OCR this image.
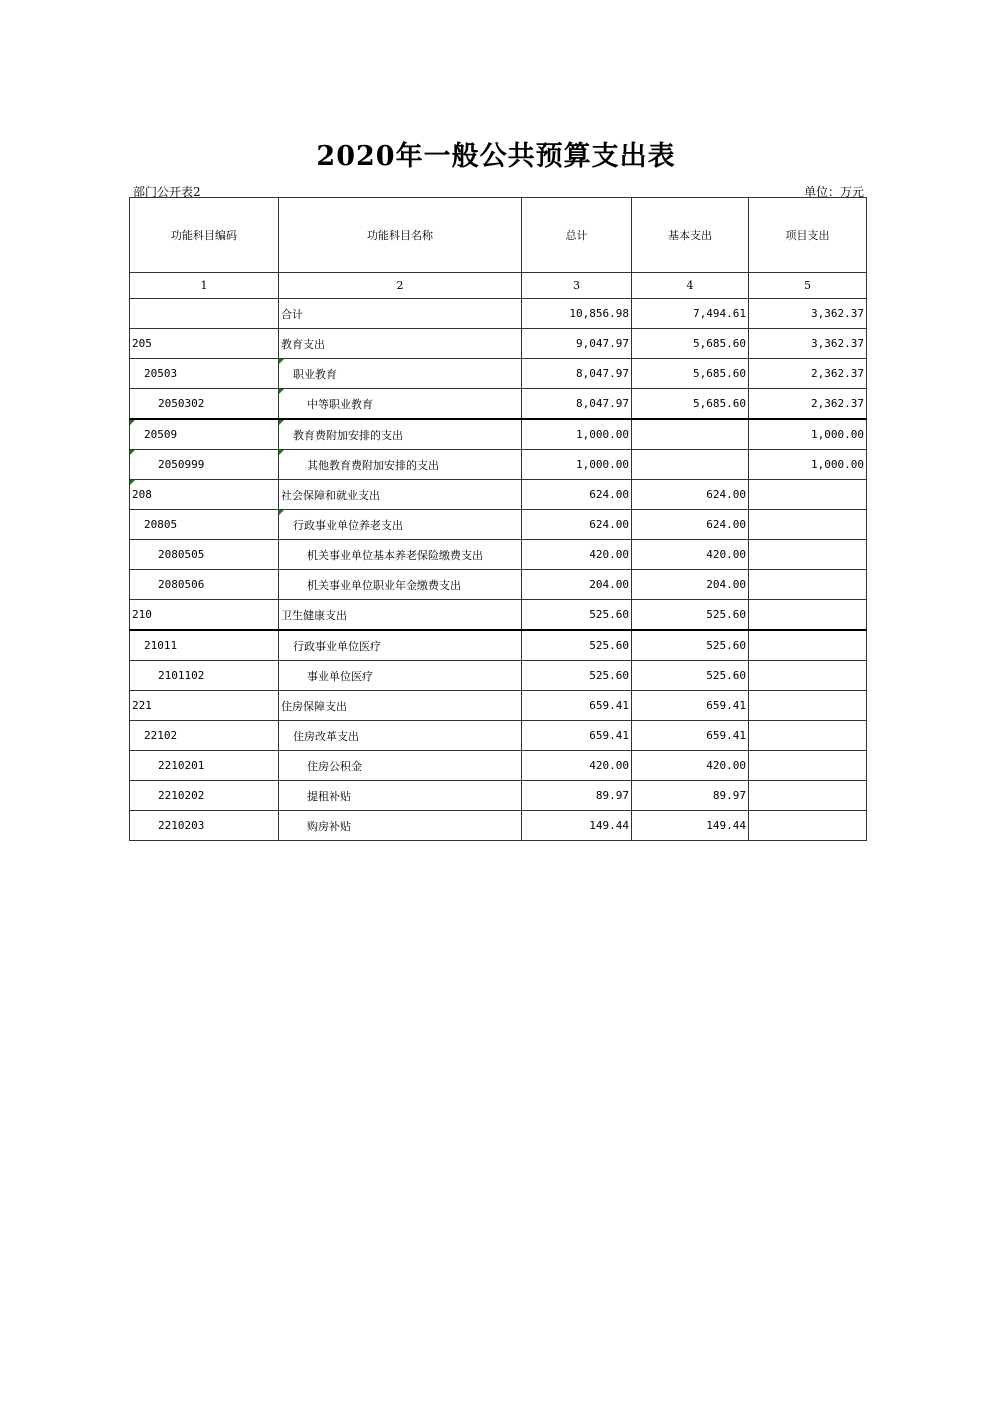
2020年一般公共预算支出表
部门公开表2	单位：万元
功能科目编码	功能科目名称	总计	基本支出	项目支出
1	2	3	4	5
	合计	10,856.98	7,494.61	3,362.37
205	教育支出	9,047.97	5,685.60	3,362.37
20503	职业教育	8,047.97	5,685.60	2,362.37
2050302	中等职业教育	8,047.97	5,685.60	2,362.37
20509	教育费附加安排的支出	1,000.00		1,000.00
2050999	其他教育费附加安排的支出	1,000.00		1,000.00
208	社会保障和就业支出	624.00	624.00	
20805	行政事业单位养老支出	624.00	624.00	
2080505	机关事业单位基本养老保险缴费支出	420.00	420.00	
2080506	机关事业单位职业年金缴费支出	204.00	204.00	
210	卫生健康支出	525.60	525.60	
21011	行政事业单位医疗	525.60	525.60	
2101102	事业单位医疗	525.60	525.60	
221	住房保障支出	659.41	659.41	
22102	住房改革支出	659.41	659.41	
2210201	住房公积金	420.00	420.00	
2210202	提租补贴	89.97	89.97	
2210203	购房补贴	149.44	149.44	
